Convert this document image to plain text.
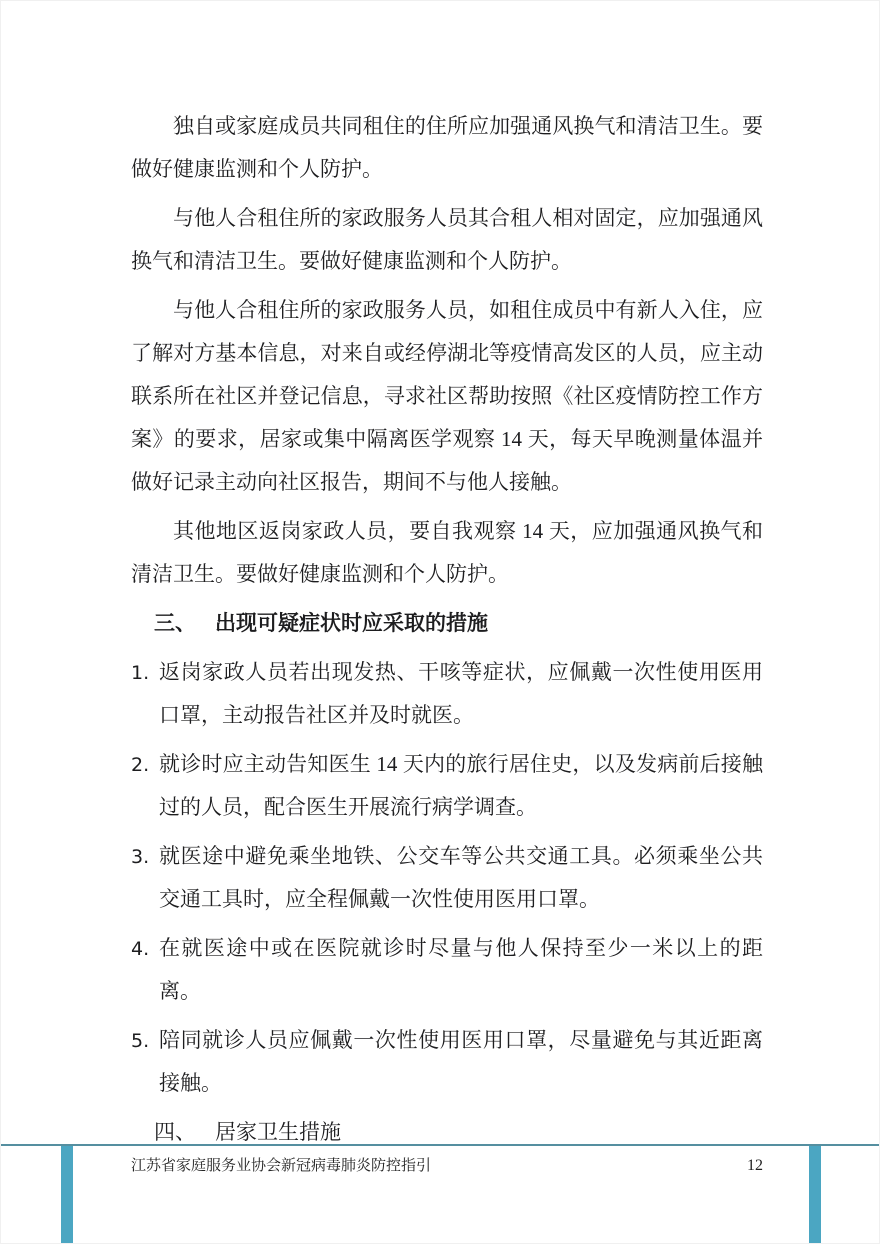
独自或家庭成员共同租住的住所应加强通风换气和清洁卫生。要做好健康监测和个人防护。

与他人合租住所的家政服务人员其合租人相对固定，应加强通风换气和清洁卫生。要做好健康监测和个人防护。

与他人合租住所的家政服务人员，如租住成员中有新人入住，应了解对方基本信息，对来自或经停湖北等疫情高发区的人员，应主动联系所在社区并登记信息，寻求社区帮助按照《社区疫情防控工作方案》的要求，居家或集中隔离医学观察 14 天，每天早晚测量体温并做好记录主动向社区报告，期间不与他人接触。

其他地区返岗家政人员，要自我观察 14 天，应加强通风换气和清洁卫生。要做好健康监测和个人防护。

三、 出现可疑症状时应采取的措施
1. 返岗家政人员若出现发热、干咳等症状，应佩戴一次性使用医用口罩，主动报告社区并及时就医。
2. 就诊时应主动告知医生 14 天内的旅行居住史，以及发病前后接触过的人员，配合医生开展流行病学调查。
3. 就医途中避免乘坐地铁、公交车等公共交通工具。必须乘坐公共交通工具时，应全程佩戴一次性使用医用口罩。
4. 在就医途中或在医院就诊时尽量与他人保持至少一米以上的距离。
5. 陪同就诊人员应佩戴一次性使用医用口罩，尽量避免与其近距离接触。
四、 居家卫生措施
江苏省家庭服务业协会新冠病毒肺炎防控指引	12
